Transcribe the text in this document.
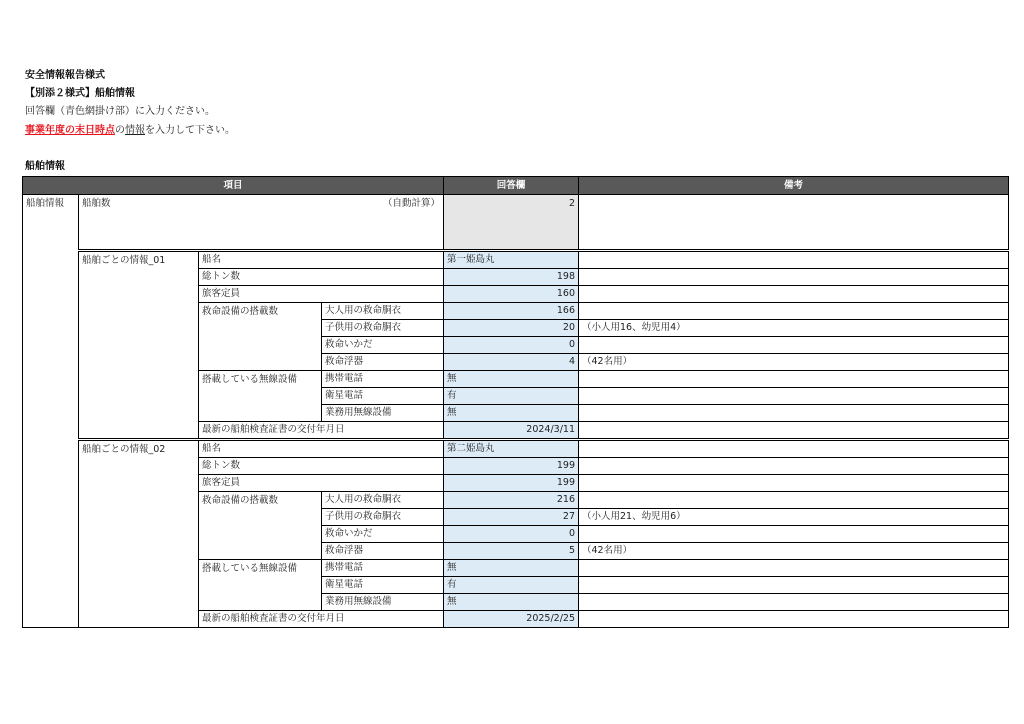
安全情報報告様式
【別添２様式】船舶情報
回答欄（青色網掛け部）に入力ください。
事業年度の末日時点の情報を入力して下さい。
船舶情報
項目				回答欄	備考
船舶情報	船舶数 （自動計算）			2	
	船舶ごとの情報_01	船名		第一姫島丸	
		総トン数		198	
		旅客定員		160	
		救命設備の搭載数	大人用の救命胴衣	166	
			子供用の救命胴衣	20	（小人用16、幼児用4）
			救命いかだ	0	
			救命浮器	4	（42名用）
		搭載している無線設備	携帯電話	無	
			衛星電話	有	
			業務用無線設備	無	
		最新の船舶検査証書の交付年月日		2024/3/11	
	船舶ごとの情報_02	船名		第二姫島丸	
		総トン数		199	
		旅客定員		199	
		救命設備の搭載数	大人用の救命胴衣	216	
			子供用の救命胴衣	27	（小人用21、幼児用6）
			救命いかだ	0	
			救命浮器	5	（42名用）
		搭載している無線設備	携帯電話	無	
			衛星電話	有	
			業務用無線設備	無	
		最新の船舶検査証書の交付年月日		2025/2/25	
